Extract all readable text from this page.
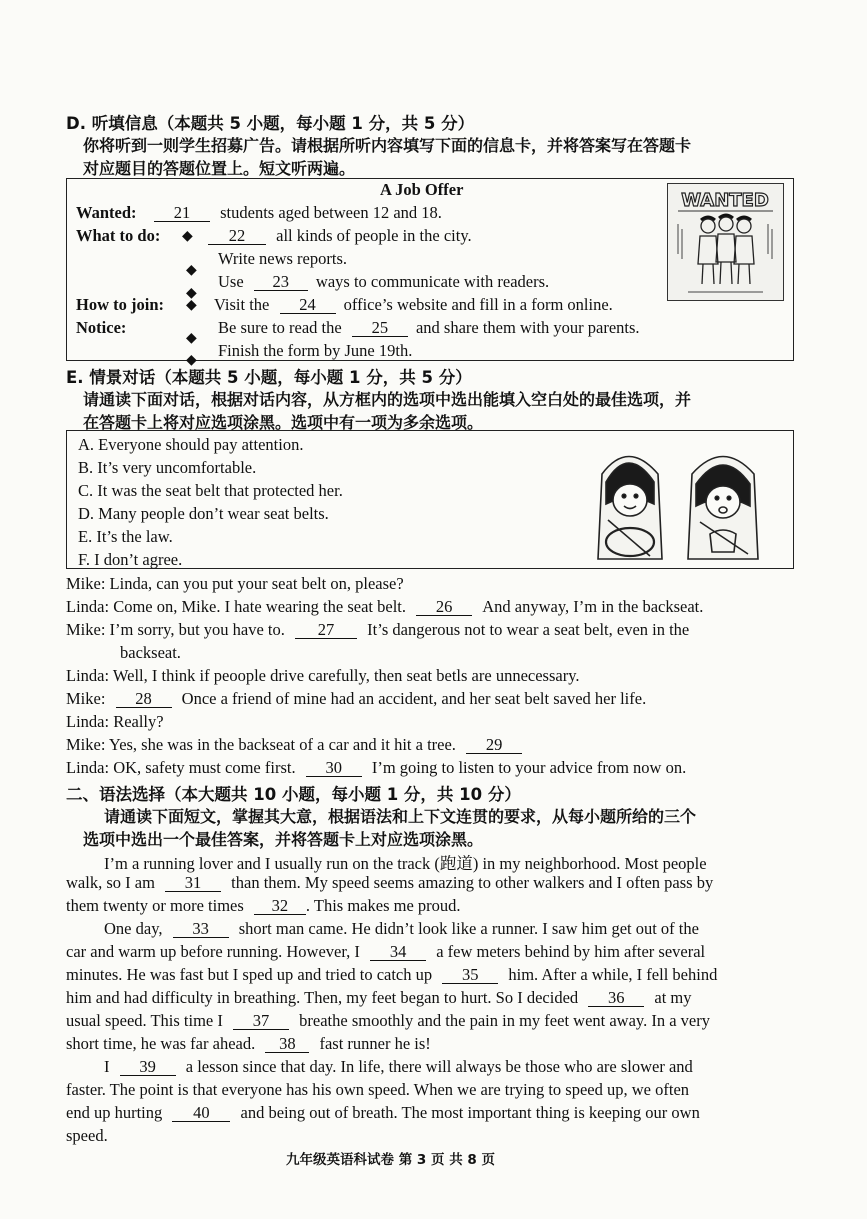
D. 听填信息（本题共 5 小题，每小题 1 分，共 5 分）
你将听到一则学生招募广告。请根据所听内容填写下面的信息卡，并将答案写在答题卡
对应题目的答题位置上。短文听两遍。
A Job Offer
Wanted:	21 students aged between 12 and 18.
What to do: ◆	22 all kinds of people in the city.
Write news reports.
◆
Use 23 ways to communicate with readers.
◆
How to join: ◆ Visit the 24 office’s website and fill in a form online.
Notice:
◆
Be sure to read the 25 and share them with your parents.
Finish the form by June 19th.
◆
WANTED
E. 情景对话（本题共 5 小题，每小题 1 分，共 5 分）
请通读下面对话，根据对话内容，从方框内的选项中选出能填入空白处的最佳选项，并
在答题卡上将对应选项涂黑。选项中有一项为多余选项。
A. Everyone should pay attention.
B. It’s very uncomfortable.
C. It was the seat belt that protected her.
D. Many people don’t wear seat belts.
E. It’s the law.
F. I don’t agree.
Mike: Linda, can you put your seat belt on, please?
Linda: Come on, Mike. I hate wearing the seat belt. 26 And anyway, I’m in the backseat.
Mike: I’m sorry, but you have to. 27 It’s dangerous not to wear a seat belt, even in the
backseat.
Linda: Well, I think if peoople drive carefully, then seat betls are unnecessary.
Mike: 28 Once a friend of mine had an accident, and her seat belt saved her life.
Linda: Really?
Mike: Yes, she was in the backseat of a car and it hit a tree. 29
Linda: OK, safety must come first. 30 I’m going to listen to your advice from now on.
二、语法选择（本大题共 10 小题，每小题 1 分，共 10 分）
请通读下面短文，掌握其大意，根据语法和上下文连贯的要求，从每小题所给的三个
选项中选出一个最佳答案，并将答题卡上对应选项涂黑。
I’m a running lover and I usually run on the track (跑道) in my neighborhood. Most people
walk, so I am 31 than them. My speed seems amazing to other walkers and I often pass by
them twenty or more times 32 . This makes me proud.
One day, 33 short man came. He didn’t look like a runner. I saw him get out of the
car and warm up before running. However, I 34 a few meters behind by him after several
minutes. He was fast but I sped up and tried to catch up 35 him. After a while, I fell behind
him and had difficulty in breathing. Then, my feet began to hurt. So I decided 36 at my
usual speed. This time I 37 breathe smoothly and the pain in my feet went away. In a very
short time, he was far ahead. 38 fast runner he is!
I 39 a lesson since that day. In life, there will always be those who are slower and
faster. The point is that everyone has his own speed. When we are trying to speed up, we often
end up hurting 40 and being out of breath. The most important thing is keeping our own
speed.
九年级英语科试卷 第 3 页 共 8 页
